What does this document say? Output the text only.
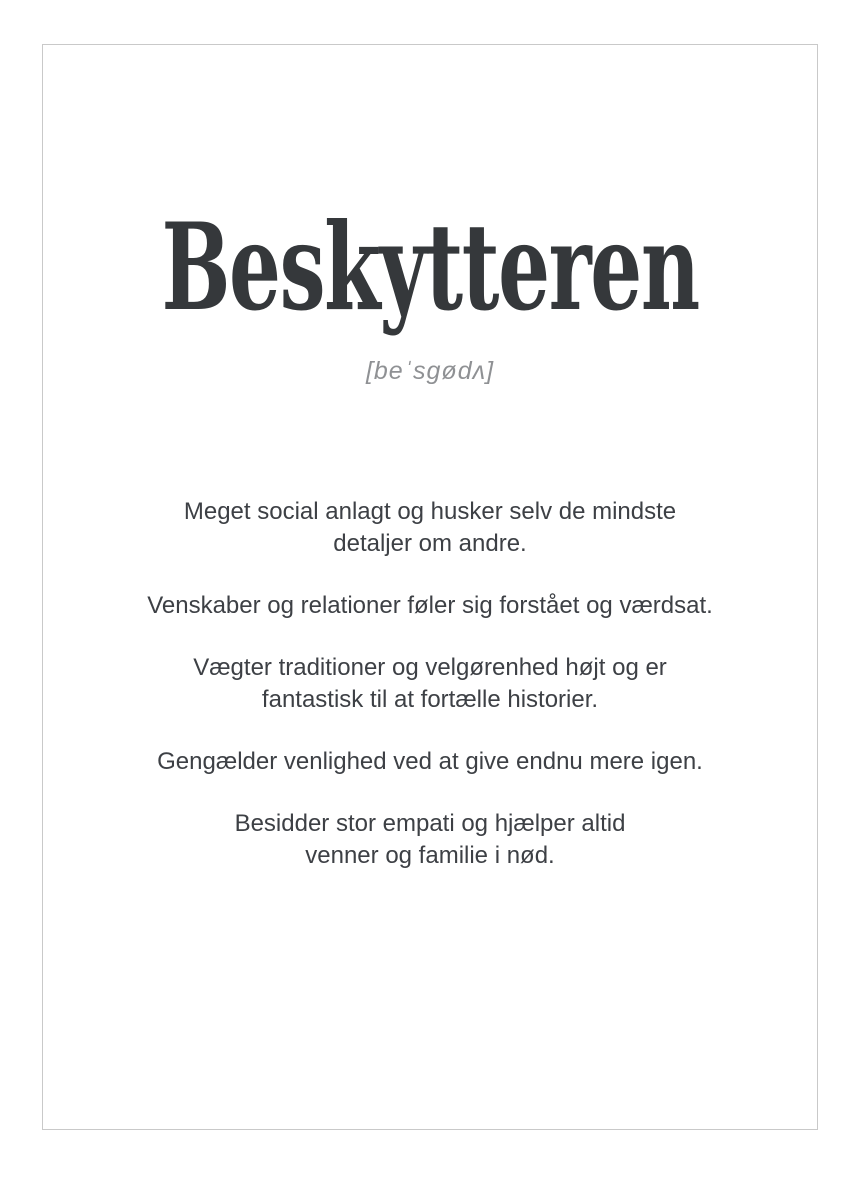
Beskytteren
[beˈsgødʌ]

Meget social anlagt og husker selv de mindste
detaljer om andre.

Venskaber og relationer føler sig forstået og værdsat.

Vægter traditioner og velgørenhed højt og er
fantastisk til at fortælle historier.

Gengælder venlighed ved at give endnu mere igen.

Besidder stor empati og hjælper altid
venner og familie i nød.
